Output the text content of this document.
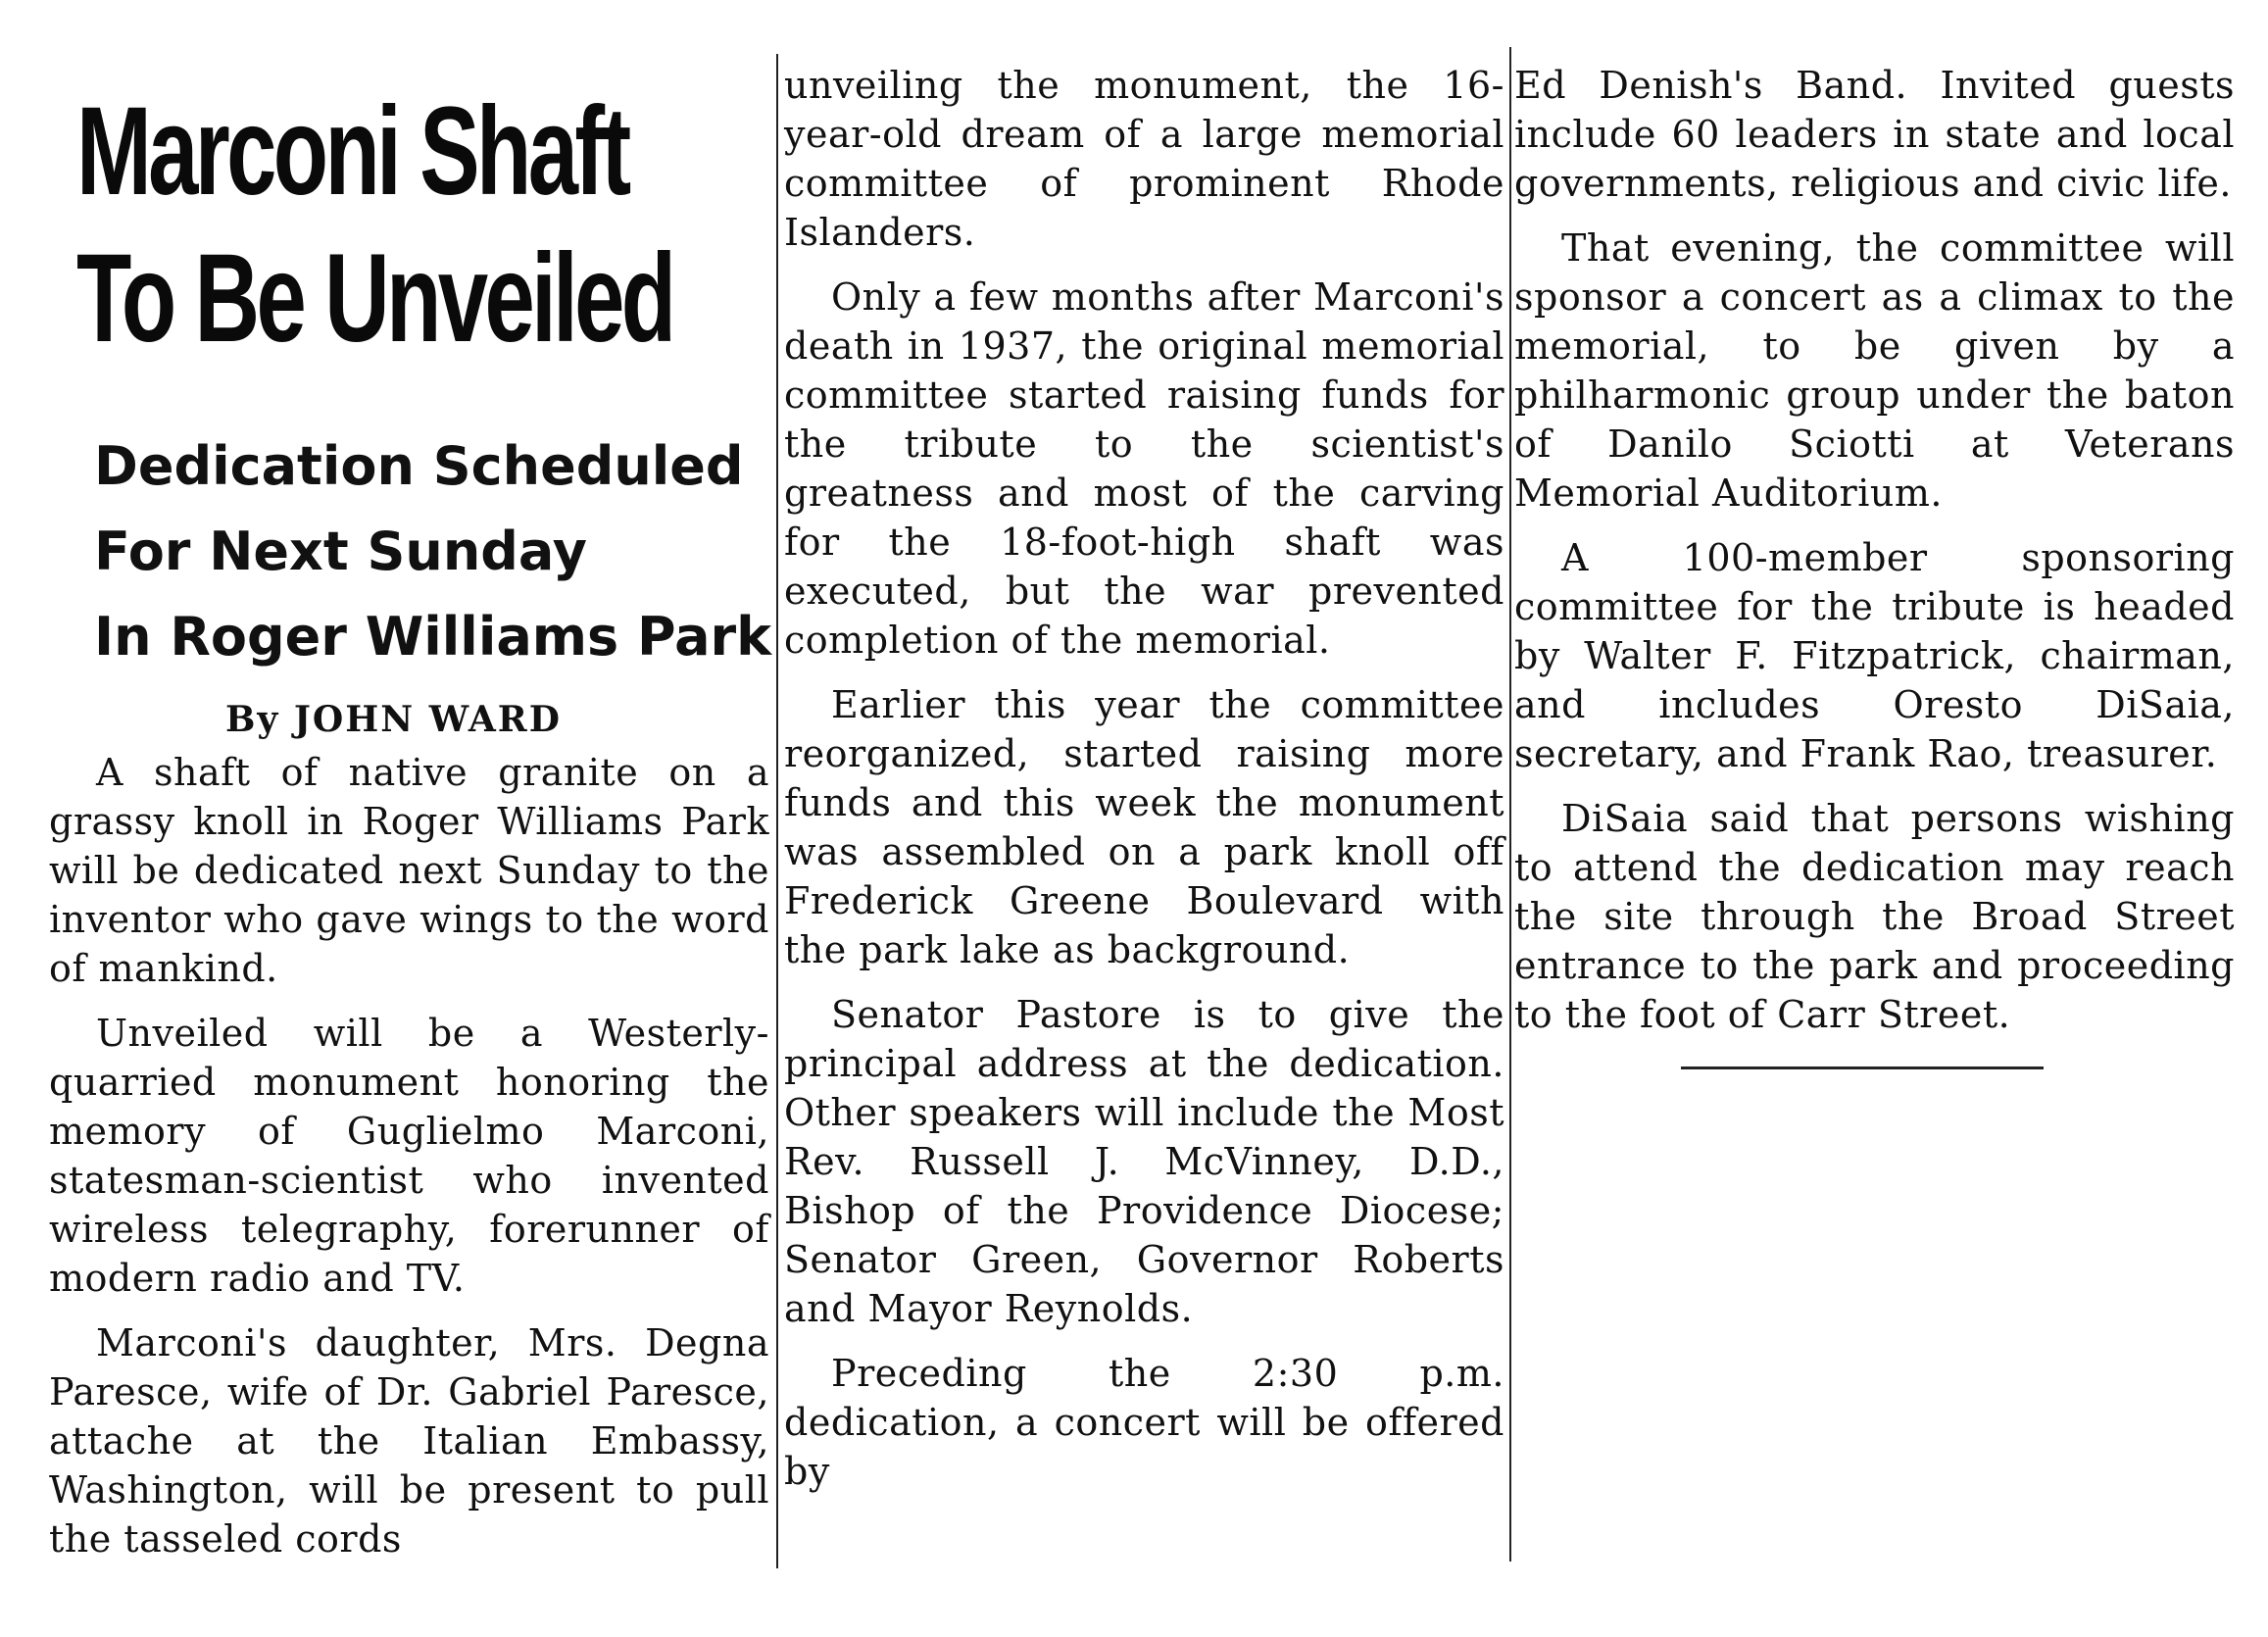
Marconi Shaft
To Be Unveiled
Dedication Scheduled
For Next Sunday
In Roger Williams Park
By JOHN WARD

A shaft of native granite on a grassy knoll in Roger Williams Park will be dedicated next Sunday to the inventor who gave wings to the word of mankind.

Unveiled will be a Westerly-quarried monument honoring the memory of Guglielmo Marconi, statesman-scientist who invented wireless telegraphy, forerunner of modern radio and TV.

Marconi's daughter, Mrs. Degna Paresce, wife of Dr. Gabriel Paresce, attache at the Italian Embassy, Washington, will be present to pull the tasseled cords

unveiling the monument, the 16-year-old dream of a large memorial committee of prominent Rhode Islanders.

Only a few months after Marconi's death in 1937, the original memorial committee started raising funds for the tribute to the scientist's greatness and most of the carving for the 18-foot-high shaft was executed, but the war prevented completion of the memorial.

Earlier this year the committee reorganized, started raising more funds and this week the monument was assembled on a park knoll off Frederick Greene Boulevard with the park lake as background.

Senator Pastore is to give the principal address at the dedication. Other speakers will include the Most Rev. Russell J. McVinney, D.D., Bishop of the Providence Diocese; Senator Green, Governor Roberts and Mayor Reynolds.

Preceding the 2:30 p.m. dedication, a concert will be offered by

Ed Denish's Band. Invited guests include 60 leaders in state and local governments, religious and civic life.

That evening, the committee will sponsor a concert as a climax to the memorial, to be given by a philharmonic group under the baton of Danilo Sciotti at Veterans Memorial Auditorium.

A 100-member sponsoring committee for the tribute is headed by Walter F. Fitzpatrick, chairman, and includes Oresto DiSaia, secretary, and Frank Rao, treasurer.

DiSaia said that persons wishing to attend the dedication may reach the site through the Broad Street entrance to the park and proceeding to the foot of Carr Street.
